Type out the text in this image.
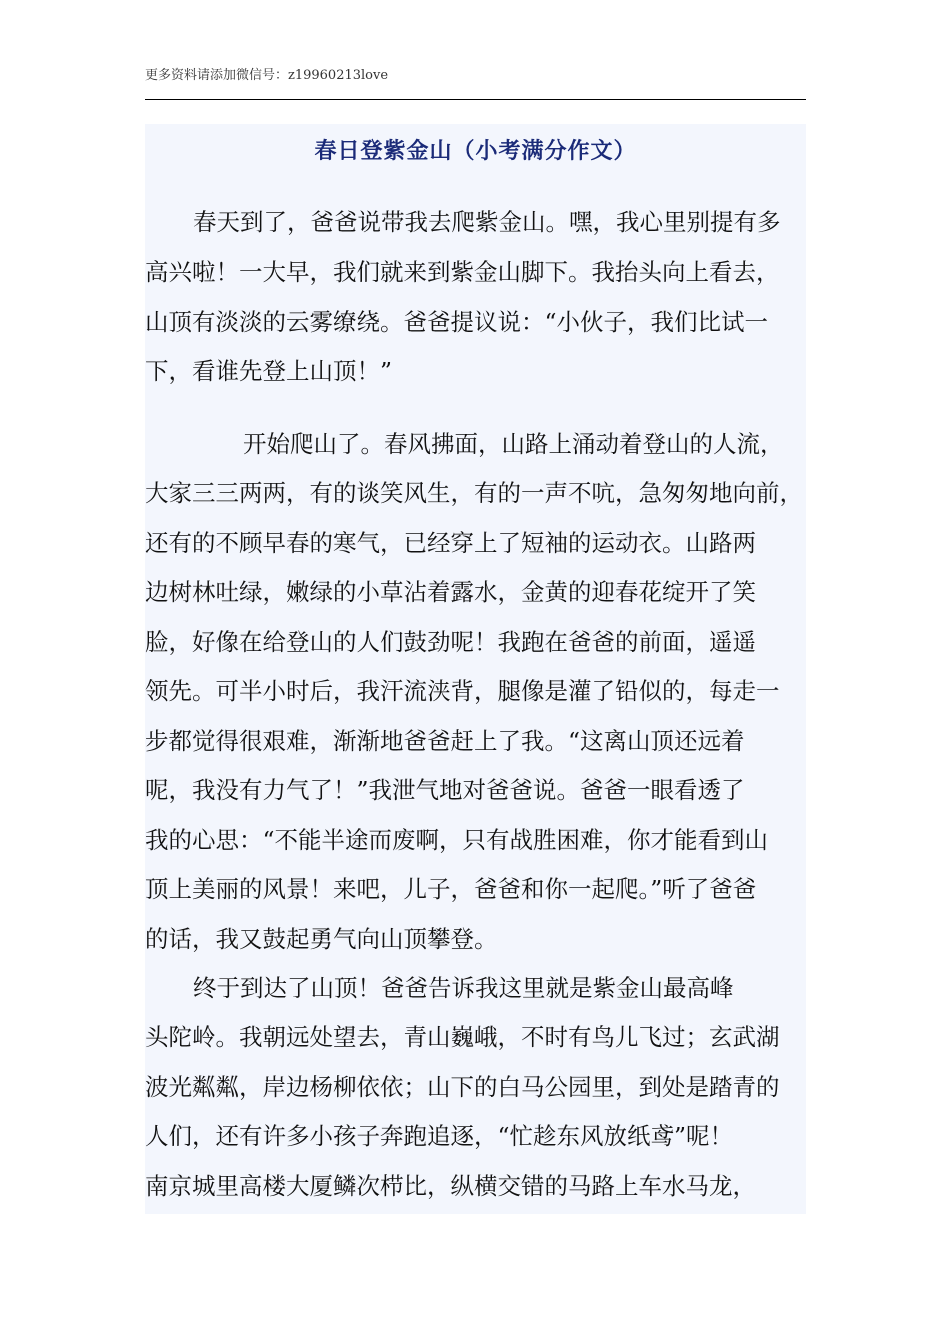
更多资料请添加微信号：z19960213love
春日登紫金山（小考满分作文）
春天到了，爸爸说带我去爬紫金山。嘿，我心里别提有多
高兴啦！一大早，我们就来到紫金山脚下。我抬头向上看去，
山顶有淡淡的云雾缭绕。爸爸提议说：“小伙子，我们比试一
下，看谁先登上山顶！”
开始爬山了。春风拂面，山路上涌动着登山的人流，
大家三三两两，有的谈笑风生，有的一声不吭，急匆匆地向前，
还有的不顾早春的寒气，已经穿上了短袖的运动衣。山路两
边树林吐绿，嫩绿的小草沾着露水，金黄的迎春花绽开了笑
脸，好像在给登山的人们鼓劲呢！我跑在爸爸的前面，遥遥
领先。可半小时后，我汗流浃背，腿像是灌了铅似的，每走一
步都觉得很艰难，渐渐地爸爸赶上了我。“这离山顶还远着
呢，我没有力气了！”我泄气地对爸爸说。爸爸一眼看透了
我的心思：“不能半途而废啊，只有战胜困难，你才能看到山
顶上美丽的风景！来吧，儿子，爸爸和你一起爬。”听了爸爸
的话，我又鼓起勇气向山顶攀登。
终于到达了山顶！爸爸告诉我这里就是紫金山最高峰
头陀岭。我朝远处望去，青山巍峨，不时有鸟儿飞过；玄武湖
波光粼粼，岸边杨柳依依；山下的白马公园里，到处是踏青的
人们，还有许多小孩子奔跑追逐，“忙趁东风放纸鸢”呢！
南京城里高楼大厦鳞次栉比，纵横交错的马路上车水马龙，
